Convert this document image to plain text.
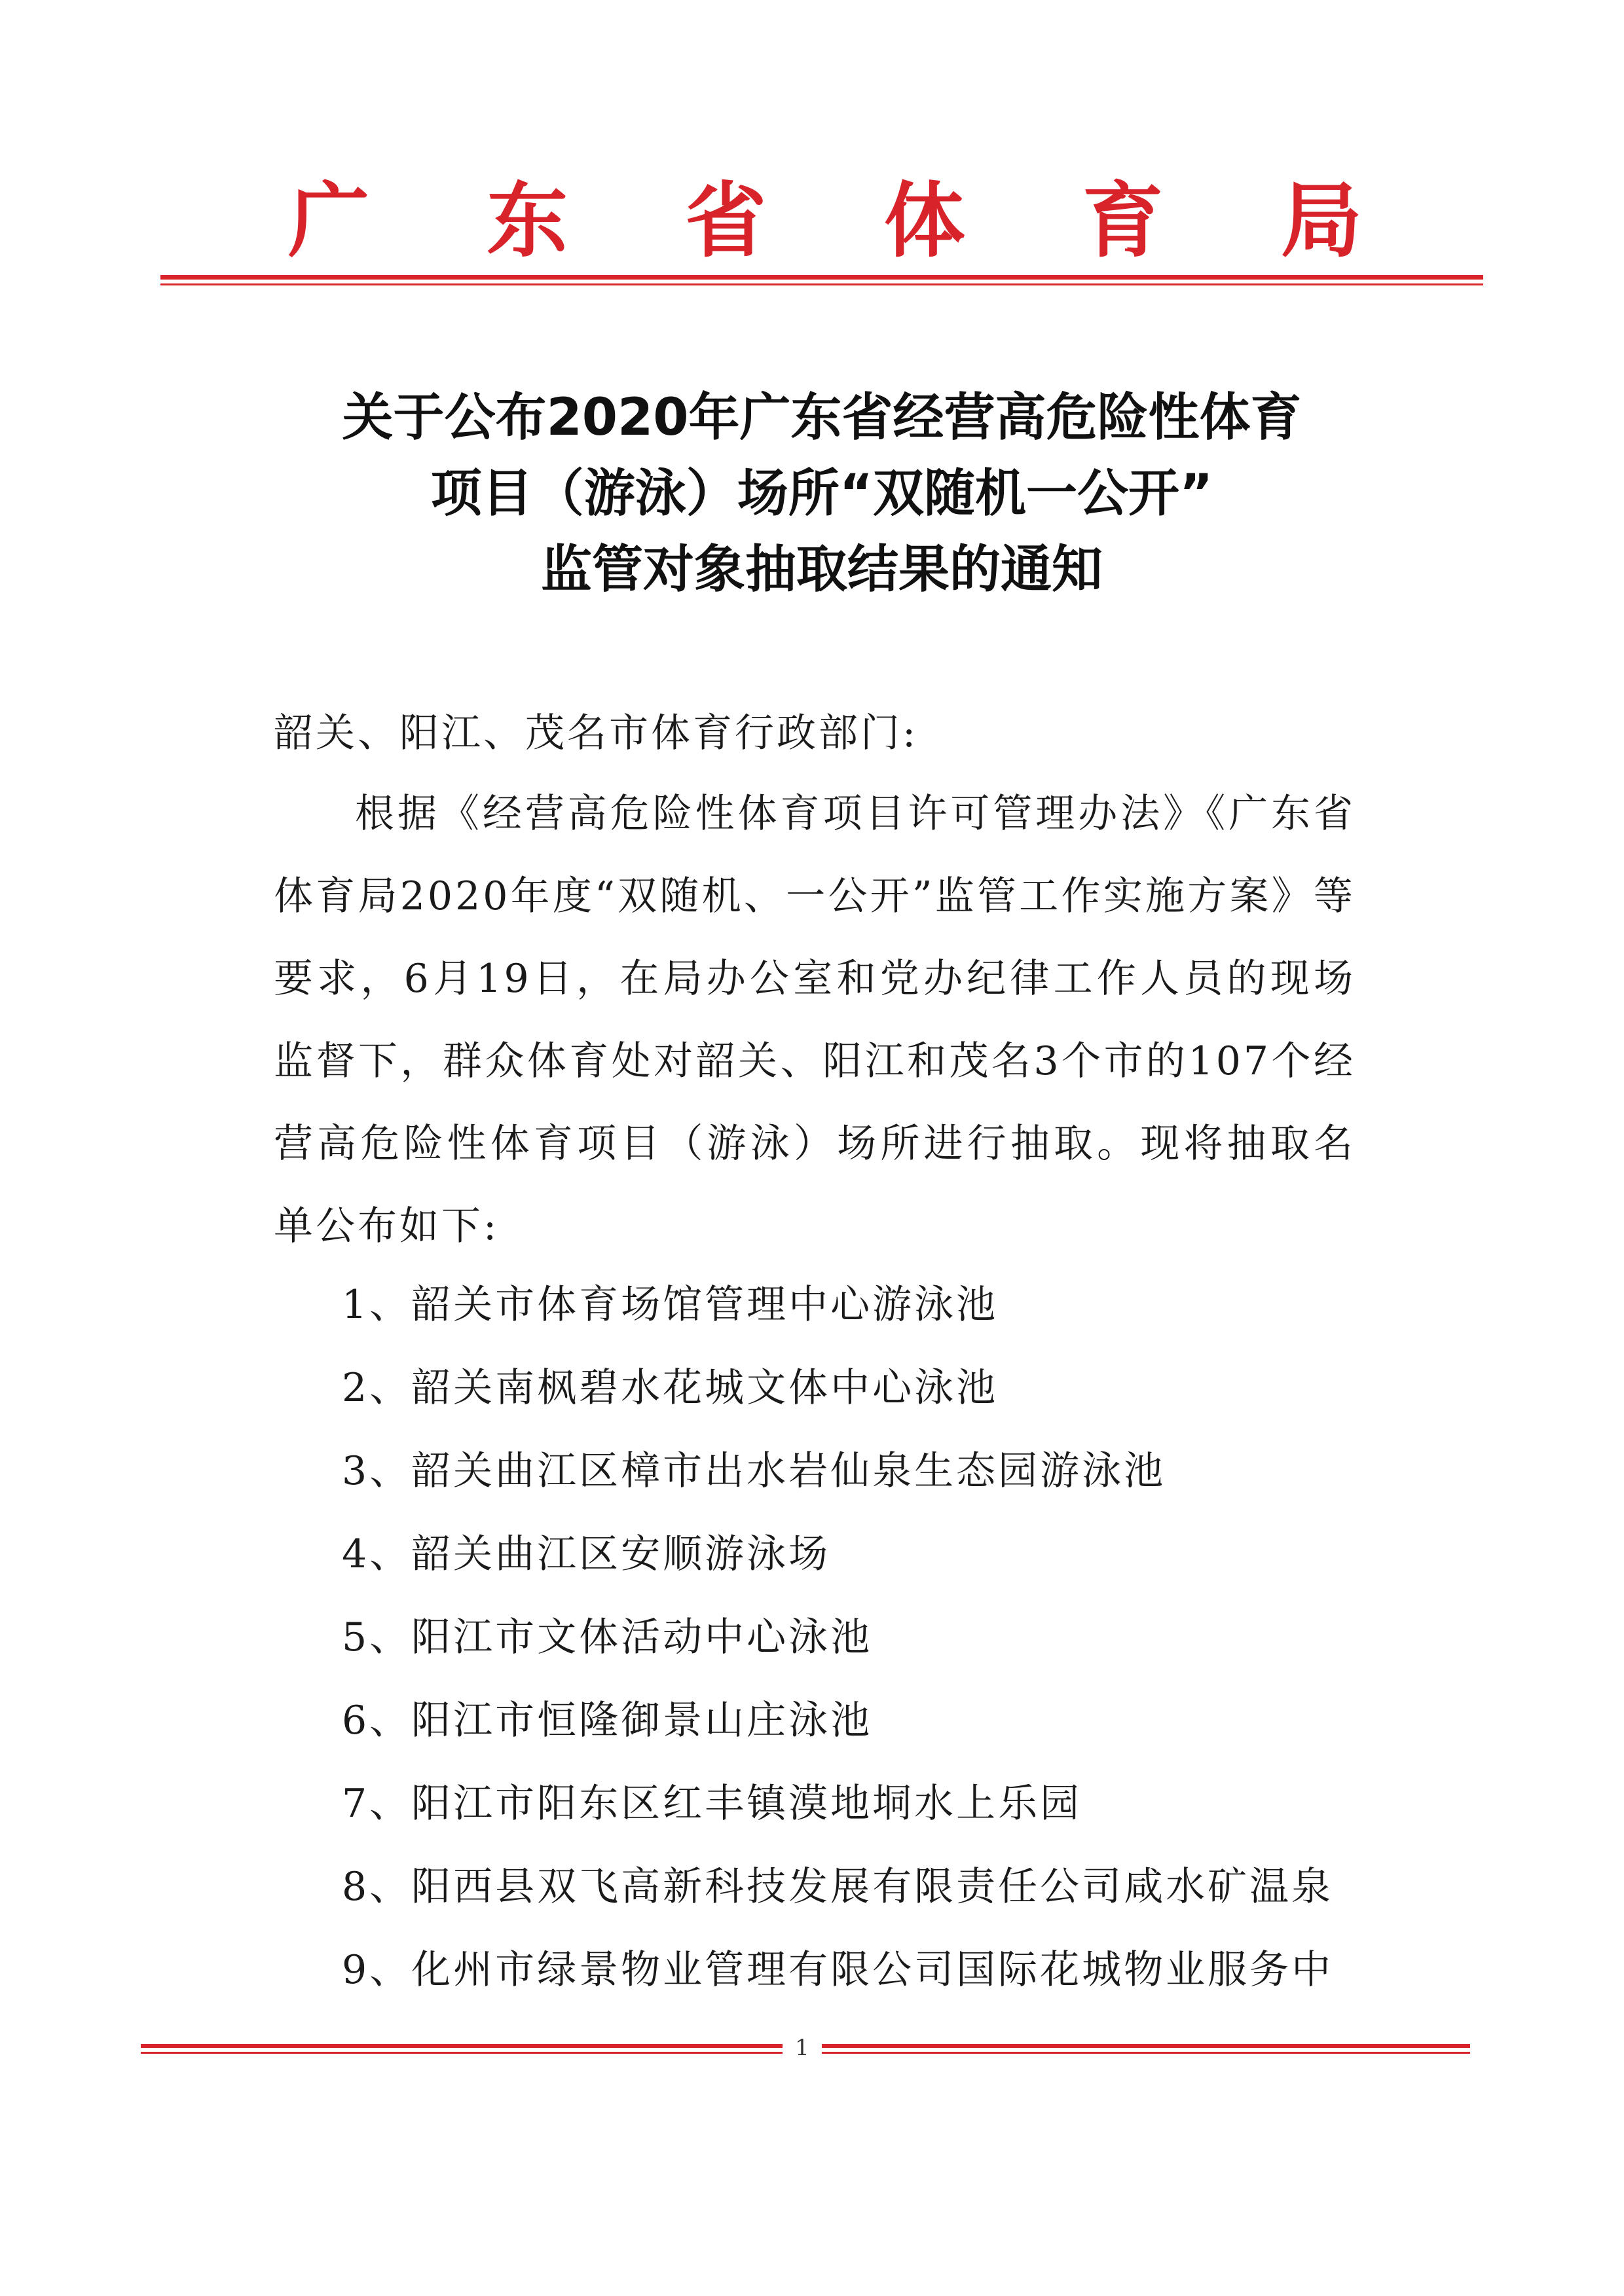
广 东 省 体 育 局
关于公布2020年广东省经营高危险性体育
项目（游泳）场所“双随机一公开”
监管对象抽取结果的通知
韶关、阳江、茂名市体育行政部门:
根据《经营高危险性体育项目许可管理办法》《广东省体育局2020年度“双随机、一公开”监管工作实施方案》等要求，6月19日，在局办公室和党办纪律工作人员的现场监督下，群众体育处对韶关、阳江和茂名3个市的107个经营高危险性体育项目（游泳）场所进行抽取。现将抽取名单公布如下:
1、韶关市体育场馆管理中心游泳池
2、韶关南枫碧水花城文体中心泳池
3、韶关曲江区樟市出水岩仙泉生态园游泳池
4、韶关曲江区安顺游泳场
5、阳江市文体活动中心泳池
6、阳江市恒隆御景山庄泳池
7、阳江市阳东区红丰镇漠地垌水上乐园
8、阳西县双飞高新科技发展有限责任公司咸水矿温泉
9、化州市绿景物业管理有限公司国际花城物业服务中
1
